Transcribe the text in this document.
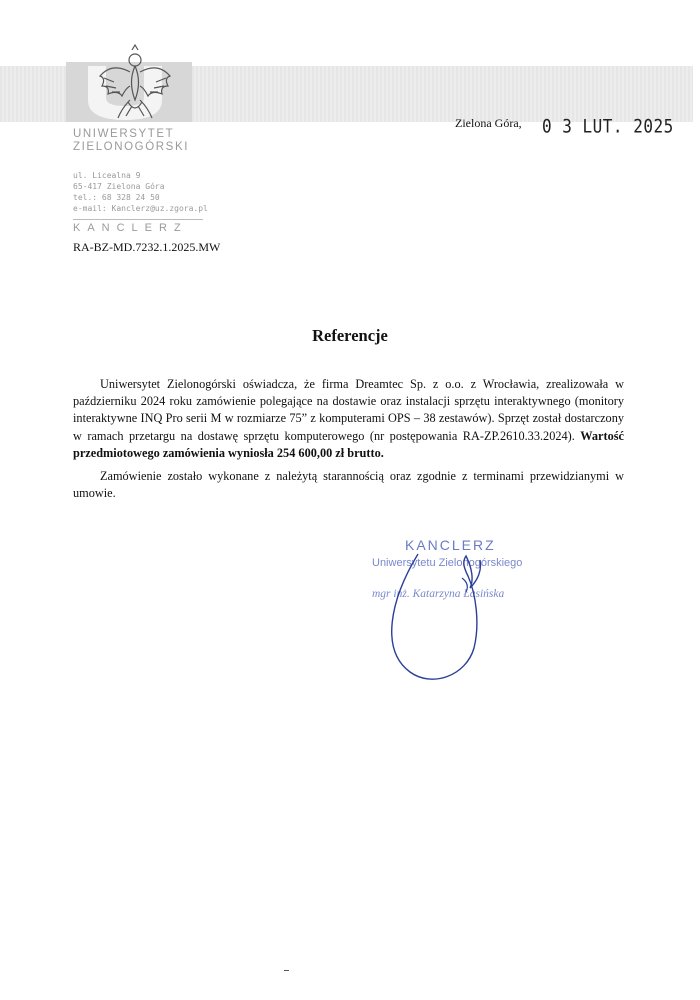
UNIWERSYTET
ZIELONOGÓRSKI
ul. Licealna 9
65-417 Zielona Góra
tel.: 68 328 24 50
e-mail: Kanclerz@uz.zgora.pl
KANCLERZ
RA-BZ-MD.7232.1.2025.MW
Zielona Góra, 0 3 LUT. 2025
Referencje
Uniwersytet Zielonogórski oświadcza, że firma Dreamtec Sp. z o.o. z Wrocławia, zrealizowała w październiku 2024 roku zamówienie polegające na dostawie oraz instalacji sprzętu interaktywnego (monitory interaktywne INQ Pro serii M w rozmiarze 75” z komputerami OPS – 38 zestawów). Sprzęt został dostarczony w ramach przetargu na dostawę sprzętu komputerowego (nr postępowania RA-ZP.2610.33.2024). Wartość przedmiotowego zamówienia wyniosła 254 600,00 zł brutto.
Zamówienie zostało wykonane z należytą starannością oraz zgodnie z terminami przewidzianymi w umowie.
KANCLERZ
Uniwersytetu Zielonogórskiego
mgr inż. Katarzyna Łasińska
